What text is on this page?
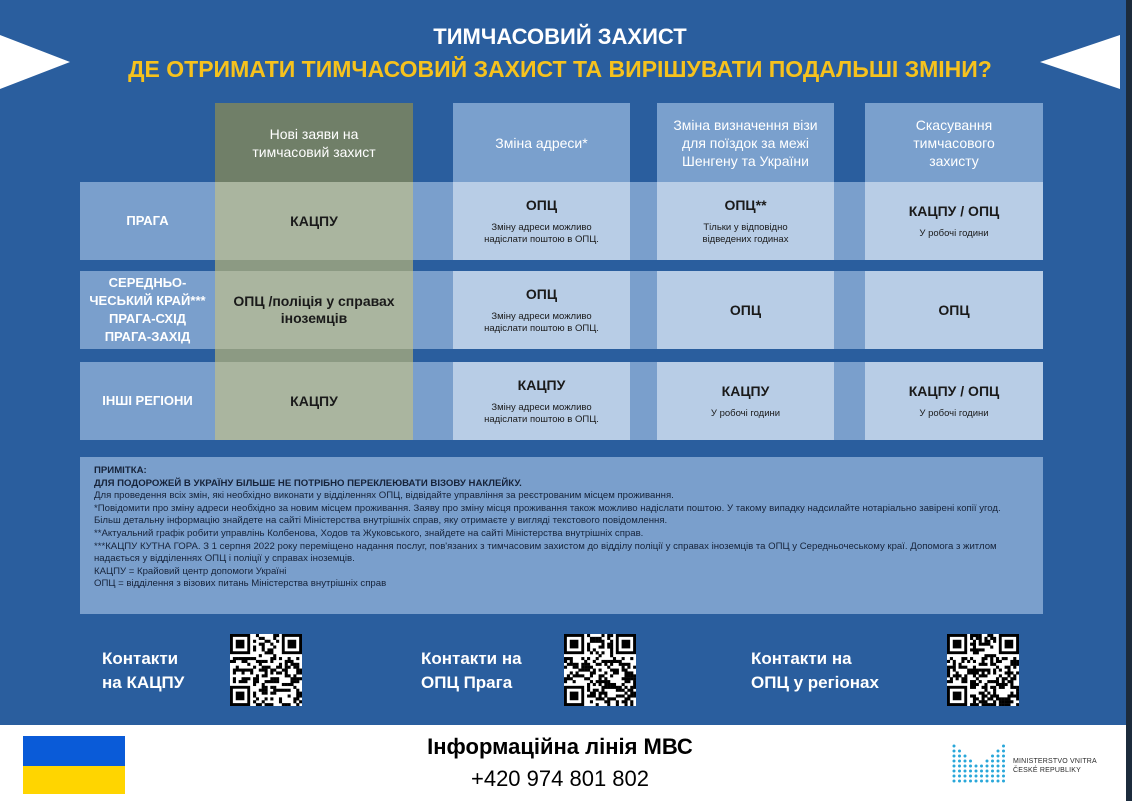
ТИМЧАСОВИЙ ЗАХИСТ
ДЕ ОТРИМАТИ ТИМЧАСОВИЙ ЗАХИСТ ТА ВИРІШУВАТИ ПОДАЛЬШІ ЗМІНИ?
Нові заяви на тимчасовий захист
Зміна адреси*
Зміна визначення візи для поїздок за межі Шенгену та України
Скасування тимчасового захисту
ПРАГА
СЕРЕДНЬО-
ЧЕСЬКИЙ КРАЙ***
ПРАГА-СХІД
ПРАГА-ЗАХІД
ІНШІ РЕГІОНИ
КАЦПУ
ОПЦ
Зміну адреси можливо надіслати поштою в ОПЦ.
ОПЦ**
Тільки у відповідно відведених годинах
КАЦПУ / ОПЦ
У робочі години
ОПЦ /поліція у справах іноземців
ОПЦ
Зміну адреси можливо надіслати поштою в ОПЦ.
ОПЦ	ОПЦ
КАЦПУ
КАЦПУ
Зміну адреси можливо надіслати поштою в ОПЦ.
КАЦПУ
У робочі години
КАЦПУ / ОПЦ
У робочі години
ПРИМІТКА:
ДЛЯ ПОДОРОЖЕЙ В УКРАЇНУ БІЛЬШЕ НЕ ПОТРІБНО ПЕРЕКЛЕЮВАТИ ВІЗОВУ НАКЛЕЙКУ.
Для проведення всіх змін, які необхідно виконати у відділеннях ОПЦ, відвідайте управління за реєстрованим місцем проживання.
*Повідомити про зміну адреси необхідно за новим місцем проживання. Заяву про зміну місця проживання також можливо надіслати поштою. У такому випадку надсилайте нотаріально завірені копії угод. Більш детальну інформацію знайдете на сайті Міністерства внутрішніх справ, яку отримаєте у вигляді текстового повідомлення.
**Актуальний графік робити управлінь Колбенова, Ходов та Жуковського, знайдете на сайті Міністерства внутрішніх справ.
***КАЦПУ КУТНА ГОРА. З 1 серпня 2022 року переміщено надання послуг, пов'язаних з тимчасовим захистом до відділу поліції у справах іноземців та ОПЦ у Середньочеському краї. Допомога з житлом надається у відділеннях ОПЦ і поліції у справах іноземців.
КАЦПУ = Крайовий центр допомоги Україні
ОПЦ = відділення з візових питань Міністерства внутрішніх справ
Контакти
на КАЦПУ
Контакти на
ОПЦ Прага
Контакти на
ОПЦ у регіонах
Інформаційна лінія МВС
+420 974 801 802
MINISTERSTVO VNITRA
ČESKÉ REPUBLIKY
